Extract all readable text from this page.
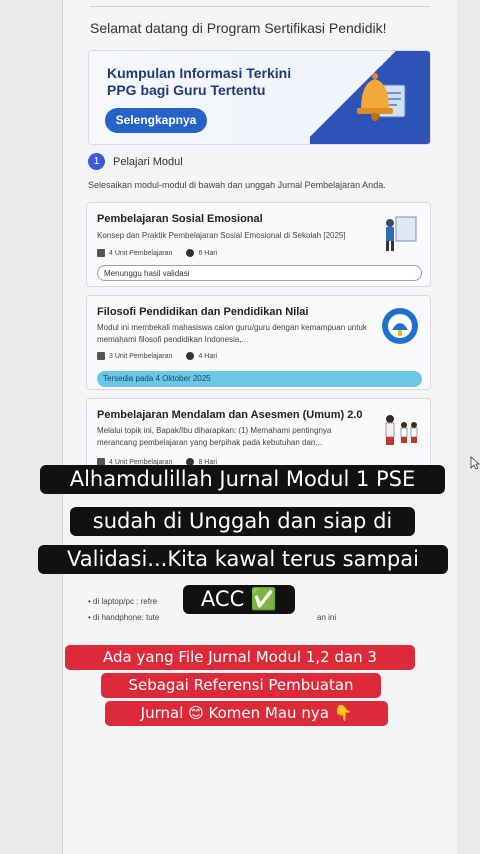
Selamat datang di Program Sertifikasi Pendidik!
Kumpulan Informasi Terkini PPG bagi Guru Tertentu
Selengkapnya
1	Pelajari Modul
Selesaikan modul-modul di bawah dan unggah Jurnal Pembelajaran Anda.
Pembelajaran Sosial Emosional
Konsep dan Praktik Pembelajaran Sosial Emosional di Sekolah [2025]
4 Unit Pembelajaran	6 Hari
Menunggu hasil validasi
Filosofi Pendidikan dan Pendidikan Nilai
Modul ini membekali mahasiswa calon guru/guru dengan kemampuan untuk memahami filosofi pendidikan Indonesia,...
3 Unit Pembelajaran	4 Hari
Tersedia pada 4 Oktober 2025
Pembelajaran Mendalam dan Asesmen (Umum) 2.0
Melalui topik ini, Bapak/Ibu diharapkan: (1) Memahami pentingnya merancang pembelajaran yang berpihak pada kebutuhan dan...
4 Unit Pembelajaran	8 Hari
• di laptop/pc : refre
• di handphone: tute	an ini
Alhamdulillah Jurnal Modul 1 PSE
sudah di Unggah dan siap di
Validasi...Kita kawal terus sampai
ACC ✅
Ada yang File Jurnal Modul 1,2 dan 3
Sebagai Referensi Pembuatan
Jurnal 😊 Komen Mau nya 👇
